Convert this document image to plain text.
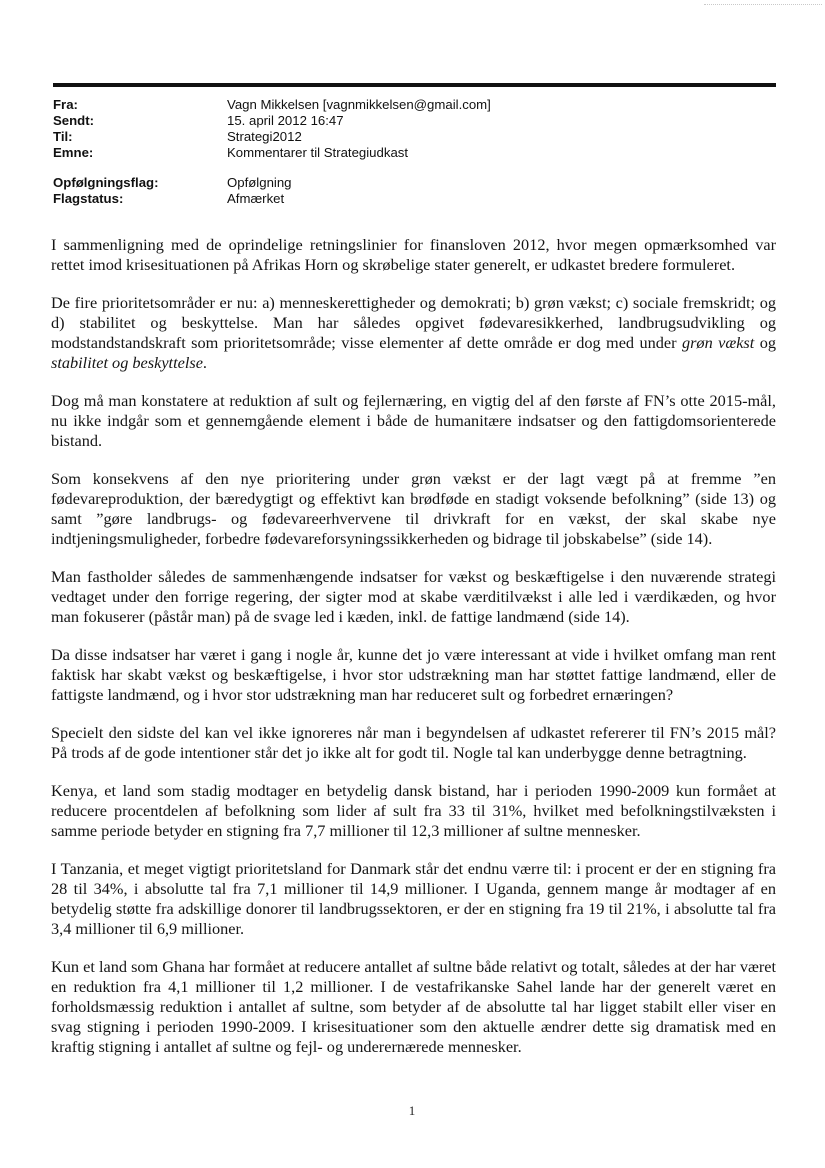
Fra:	Vagn Mikkelsen [vagnmikkelsen@gmail.com]
Sendt:	15. april 2012 16:47
Til:	Strategi2012
Emne:	Kommentarer til Strategiudkast
Opfølgningsflag:	Opfølgning
Flagstatus:	Afmærket

I sammenligning med de oprindelige retningslinier for finansloven 2012, hvor megen opmærksomhed var rettet imod krisesituationen på Afrikas Horn og skrøbelige stater generelt, er udkastet bredere formuleret.

De fire prioritetsområder er nu: a) menneskerettigheder og demokrati; b) grøn vækst; c) sociale fremskridt; og d) stabilitet og beskyttelse. Man har således opgivet fødevaresikkerhed, landbrugsudvikling og modstandstandskraft som prioritetsområde; visse elementer af dette område er dog med under grøn vækst og stabilitet og beskyttelse.

Dog må man konstatere at reduktion af sult og fejlernæring, en vigtig del af den første af FN’s otte 2015-mål, nu ikke indgår som et gennemgående element i både de humanitære indsatser og den fattigdomsorienterede bistand.

Som konsekvens af den nye prioritering under grøn vækst er der lagt vægt på at fremme ”en fødevareproduktion, der bæredygtigt og effektivt kan brødføde en stadigt voksende befolkning” (side 13) og samt ”gøre landbrugs- og fødevareerhvervene til drivkraft for en vækst, der skal skabe nye indtjeningsmuligheder, forbedre fødevareforsyningssikkerheden og bidrage til jobskabelse” (side 14).

Man fastholder således de sammenhængende indsatser for vækst og beskæftigelse i den nuværende strategi vedtaget under den forrige regering, der sigter mod at skabe værditilvækst i alle led i værdikæden, og hvor man fokuserer (påstår man) på de svage led i kæden, inkl. de fattige landmænd (side 14).

Da disse indsatser har været i gang i nogle år, kunne det jo være interessant at vide i hvilket omfang man rent faktisk har skabt vækst og beskæftigelse, i hvor stor udstrækning man har støttet fattige landmænd, eller de fattigste landmænd, og i hvor stor udstrækning man har reduceret sult og forbedret ernæringen?

Specielt den sidste del kan vel ikke ignoreres når man i begyndelsen af udkastet refererer til FN’s 2015 mål? På trods af de gode intentioner står det jo ikke alt for godt til. Nogle tal kan underbygge denne betragtning.

Kenya, et land som stadig modtager en betydelig dansk bistand, har i perioden 1990-2009 kun formået at reducere procentdelen af befolkning som lider af sult fra 33 til 31%, hvilket med befolkningstilvæksten i samme periode betyder en stigning fra 7,7 millioner til 12,3 millioner af sultne mennesker.

I Tanzania, et meget vigtigt prioritetsland for Danmark står det endnu værre til: i procent er der en stigning fra 28 til 34%, i absolutte tal fra 7,1 millioner til 14,9 millioner. I Uganda, gennem mange år modtager af en betydelig støtte fra adskillige donorer til landbrugssektoren, er der en stigning fra 19 til 21%, i absolutte tal fra 3,4 millioner til 6,9 millioner.

Kun et land som Ghana har formået at reducere antallet af sultne både relativt og totalt, således at der har været en reduktion fra 4,1 millioner til 1,2 millioner. I de vestafrikanske Sahel lande har der generelt været en forholdsmæssig reduktion i antallet af sultne, som betyder af de absolutte tal har ligget stabilt eller viser en svag stigning i perioden 1990-2009. I krisesituationer som den aktuelle ændrer dette sig dramatisk med en kraftig stigning i antallet af sultne og fejl- og underernærede mennesker.

1
